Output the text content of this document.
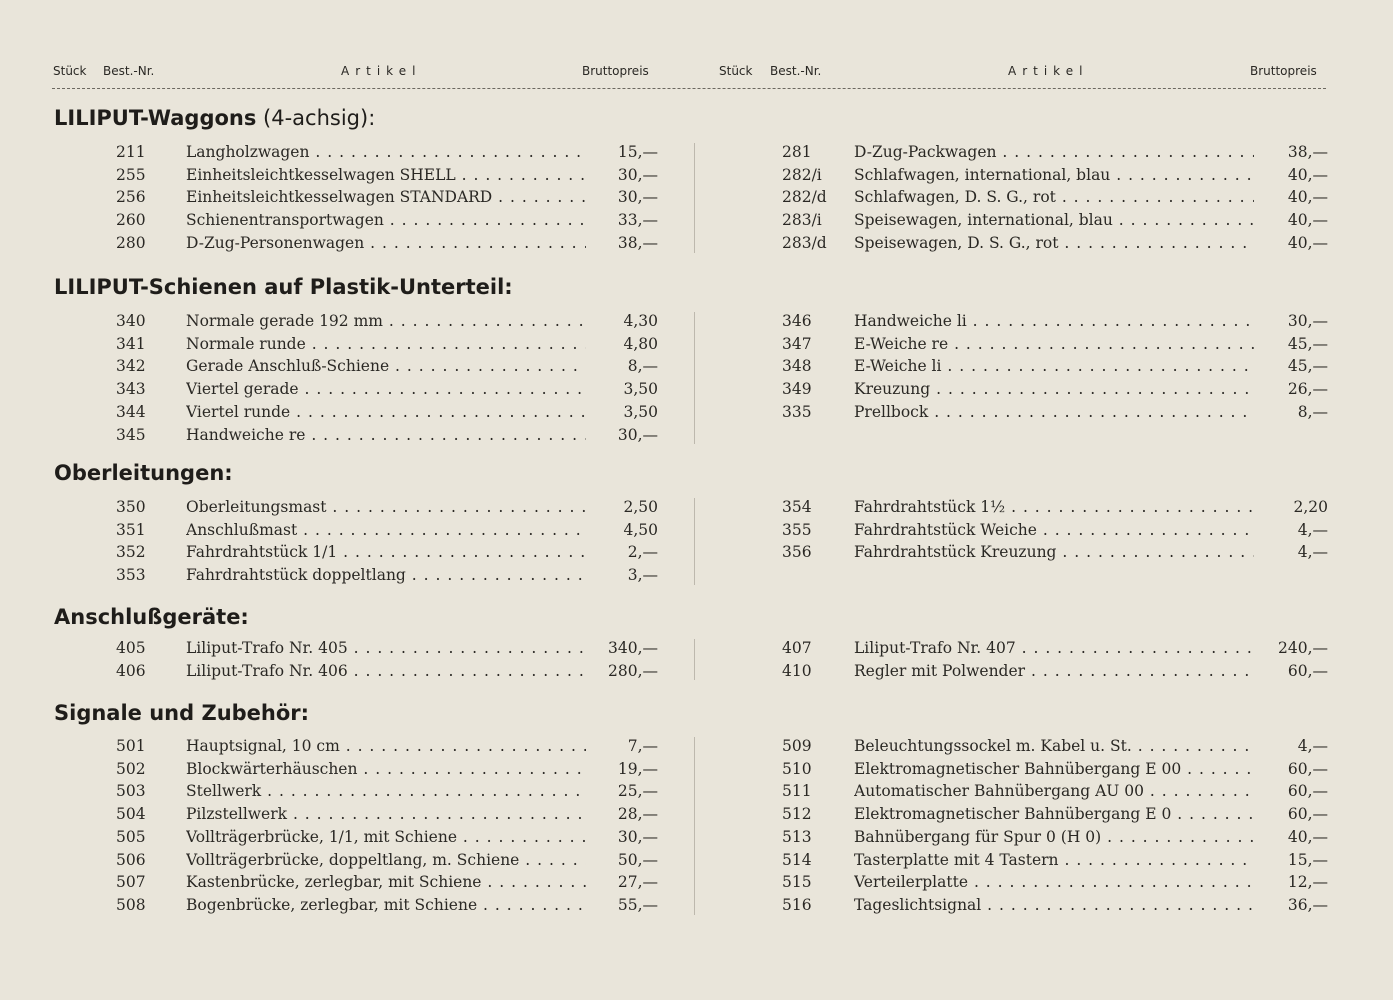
Stück Best.-Nr.	Artikel	Bruttopreis	Stück Best.-Nr.	Artikel	Bruttopreis
LILIPUT-Waggons (4-achsig):
211	Langholzwagen . . .	15,—
255	Einheitsleichtkesselwagen SHELL . . .	30,—
256	Einheitsleichtkesselwagen STANDARD . . .	30,—
260	Schienentransportwagen . . .	33,—
280	D-Zug-Personenwagen . . .	38,—
281	D-Zug-Packwagen . . .	38,—
282/i Schlafwagen, international, blau . . .	40,—
282/d Schlafwagen, D. S. G., rot . . .	40,—
283/i Speisewagen, international, blau . . .	40,—
283/d Speisewagen, D. S. G., rot . . .	40,—
LILIPUT-Schienen auf Plastik-Unterteil:
340	Normale gerade 192 mm . . .	4,30
341	Normale runde . . .	4,80
342	Gerade Anschluß-Schiene . . .	8,—
343	Viertel gerade . . .	3,50
344	Viertel runde . . .	3,50
345	Handweiche re . . .	30,—
346	Handweiche li . . .	30,—
347	E-Weiche re . . .	45,—
348	E-Weiche li . . .	45,—
349	Kreuzung . . .	26,—
335	Prellbock . . .	8,—
Oberleitungen:
350	Oberleitungsmast . . .	2,50
351	Anschlußmast . . .	4,50
352	Fahrdrahtstück 1/1 . . .	2,—
353	Fahrdrahtstück doppeltlang . . .	3,—
354	Fahrdrahtstück 1½ . . .	2,20
355	Fahrdrahtstück Weiche . . .	4,—
356	Fahrdrahtstück Kreuzung . . .	4,—
Anschlußgeräte:
405	Liliput-Trafo Nr. 405 . . .	340,—
406	Liliput-Trafo Nr. 406 . . .	280,—
407	Liliput-Trafo Nr. 407 . . .	240,—
410	Regler mit Polwender . . .	60,—
Signale und Zubehör:
501	Hauptsignal, 10 cm . . .	7,—
502	Blockwärterhäuschen . . .	19,—
503	Stellwerk . . .	25,—
504	Pilzstellwerk . . .	28,—
505	Vollträgerbrücke, 1/1, mit Schiene . . .	30,—
506	Vollträgerbrücke, doppeltlang, m. Schiene . . .	50,—
507	Kastenbrücke, zerlegbar, mit Schiene . . .	27,—
508	Bogenbrücke, zerlegbar, mit Schiene . . .	55,—
509	Beleuchtungssockel m. Kabel u. St. . . .	4,—
510	Elektromagnetischer Bahnübergang E 00 . . .	60,—
511	Automatischer Bahnübergang AU 00 . . .	60,—
512	Elektromagnetischer Bahnübergang E 0 . . .	60,—
513	Bahnübergang für Spur 0 (H 0) . . .	40,—
514	Tasterplatte mit 4 Tastern . . .	15,—
515	Verteilerplatte . . .	12,—
516	Tageslichtsignal . . .	36,—
